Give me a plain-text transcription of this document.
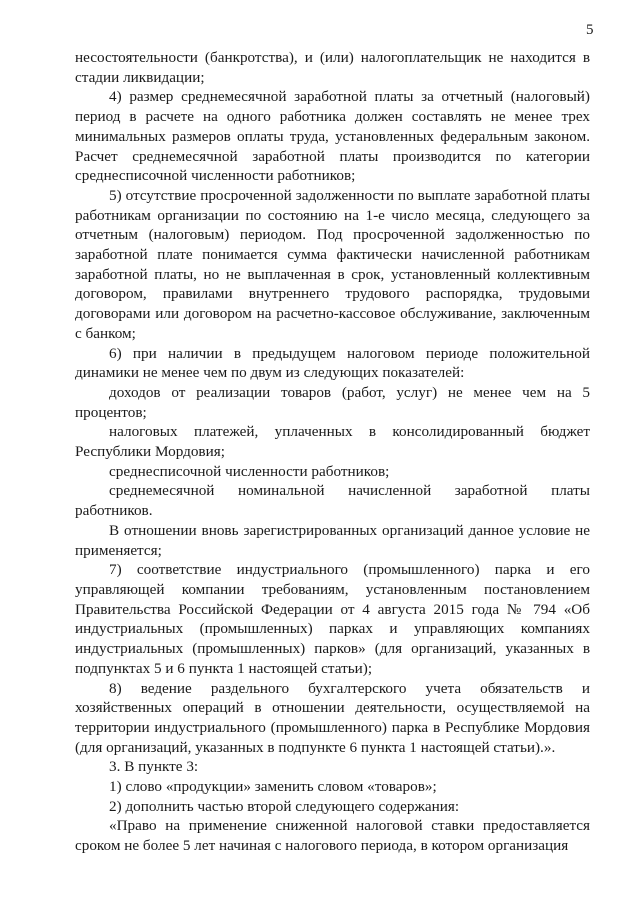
5

несостоятельности (банкротства), и (или) налогоплательщик не находится в стадии ликвидации;

4) размер среднемесячной заработной платы за отчетный (налоговый) период в расчете на одного работника должен составлять не менее трех минимальных размеров оплаты труда, установленных федеральным законом. Расчет среднемесячной заработной платы производится по категории среднесписочной численности работников;

5) отсутствие просроченной задолженности по выплате заработной платы работникам организации по состоянию на 1-е число месяца, следующего за отчетным (налоговым) периодом. Под просроченной задолженностью по заработной плате понимается сумма фактически начисленной работникам заработной платы, но не выплаченная в срок, установленный коллективным договором, правилами внутреннего трудового распорядка, трудовыми договорами или договором на расчетно-кассовое обслуживание, заключенным с банком;

6) при наличии в предыдущем налоговом периоде положительной динамики не менее чем по двум из следующих показателей:

доходов от реализации товаров (работ, услуг) не менее чем на 5 процентов;

налоговых платежей, уплаченных в консолидированный бюджет Республики Мордовия;

среднесписочной численности работников;

среднемесячной номинальной начисленной заработной платы работников.

В отношении вновь зарегистрированных организаций данное условие не применяется;

7) соответствие индустриального (промышленного) парка и его управляющей компании требованиям, установленным постановлением Правительства Российской Федерации от 4 августа 2015 года № 794 «Об индустриальных (промышленных) парках и управляющих компаниях индустриальных (промышленных) парков» (для организаций, указанных в подпунктах 5 и 6 пункта 1 настоящей статьи);

8) ведение раздельного бухгалтерского учета обязательств и хозяйственных операций в отношении деятельности, осуществляемой на территории индустриального (промышленного) парка в Республике Мордовия (для организаций, указанных в подпункте 6 пункта 1 настоящей статьи).».

3. В пункте 3:

1) слово «продукции» заменить словом «товаров»;

2) дополнить частью второй следующего содержания:

«Право на применение сниженной налоговой ставки предоставляется сроком не более 5 лет начиная с налогового периода, в котором организация
